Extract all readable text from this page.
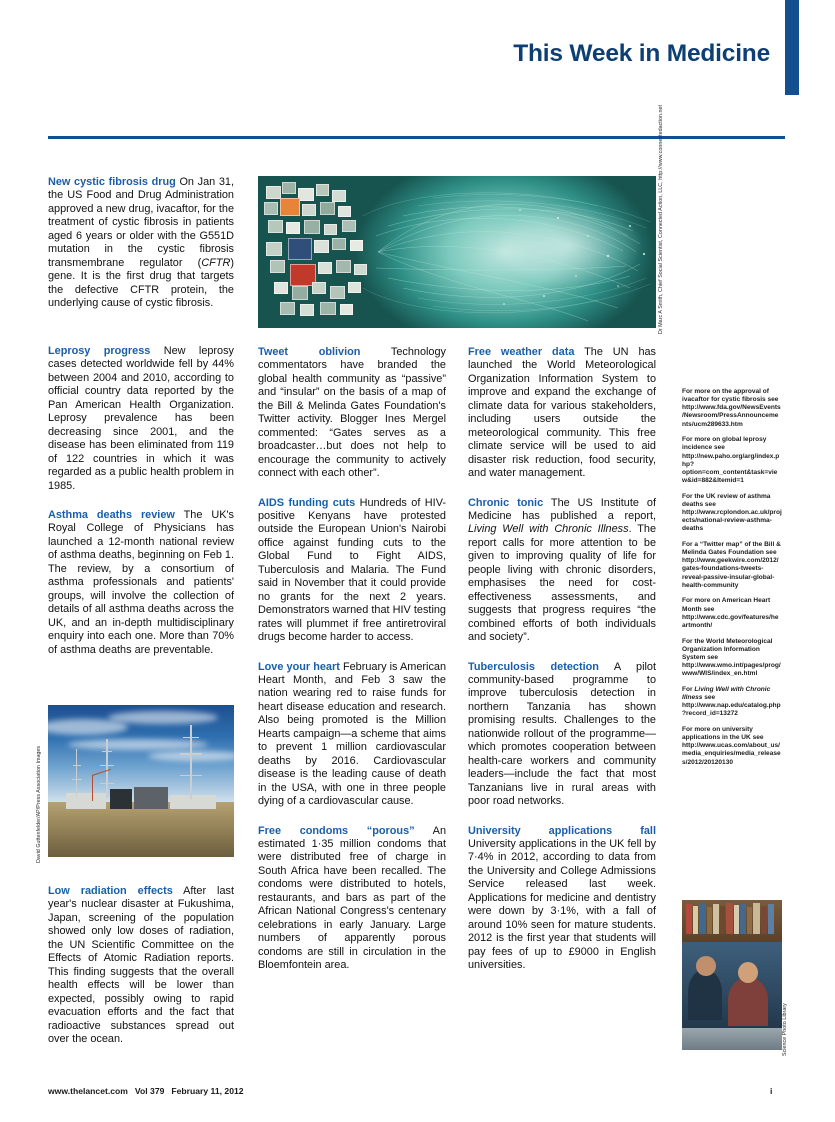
This Week in Medicine
Dr Marc A Smith, Chief Social Scientist, Connected Action, LLC, http://www.connectedaction.net

New cystic fibrosis drug On Jan 31, the US Food and Drug Administration approved a new drug, ivacaftor, for the treatment of cystic fibrosis in patients aged 6 years or older with the G551D mutation in the cystic fibrosis transmembrane regulator (CFTR) gene. It is the first drug that targets the defective CFTR protein, the underlying cause of cystic fibrosis.

Leprosy progress New leprosy cases detected worldwide fell by 44% between 2004 and 2010, according to official country data reported by the Pan American Health Organization. Leprosy prevalence has been decreasing since 2001, and the disease has been eliminated from 119 of 122 countries in which it was regarded as a public health problem in 1985.

Asthma deaths review The UK's Royal College of Physicians has launched a 12-month national review of asthma deaths, beginning on Feb 1. The review, by a consortium of asthma professionals and patients' groups, will involve the collection of details of all asthma deaths across the UK, and an in-depth multidisciplinary enquiry into each one. More than 70% of asthma deaths are preventable.

David Guttenfelder/AP/Press Association Images

Low radiation effects After last year's nuclear disaster at Fukushima, Japan, screening of the population showed only low doses of radiation, the UN Scientific Committee on the Effects of Atomic Radiation reports. This finding suggests that the overall health effects will be lower than expected, possibly owing to rapid evacuation efforts and the fact that radioactive substances spread out over the ocean.

Tweet oblivion Technology commentators have branded the global health community as “passive” and “insular” on the basis of a map of the Bill & Melinda Gates Foundation's Twitter activity. Blogger Ines Mergel commented: “Gates serves as a broadcaster…but does not help to encourage the community to actively connect with each other”.

AIDS funding cuts Hundreds of HIV-positive Kenyans have protested outside the European Union's Nairobi office against funding cuts to the Global Fund to Fight AIDS, Tuberculosis and Malaria. The Fund said in November that it could provide no grants for the next 2 years. Demonstrators warned that HIV testing rates will plummet if free antiretroviral drugs become harder to access.

Love your heart February is American Heart Month, and Feb 3 saw the nation wearing red to raise funds for heart disease education and research. Also being promoted is the Million Hearts campaign—a scheme that aims to prevent 1 million cardiovascular deaths by 2016. Cardiovascular disease is the leading cause of death in the USA, with one in three people dying of a cardiovascular cause.

Free condoms “porous” An estimated 1·35 million condoms that were distributed free of charge in South Africa have been recalled. The condoms were distributed to hotels, restaurants, and bars as part of the African National Congress's centenary celebrations in early January. Large numbers of apparently porous condoms are still in circulation in the Bloemfontein area.

Free weather data The UN has launched the World Meteorological Organization Information System to improve and expand the exchange of climate data for various stakeholders, including users outside the meteorological community. This free climate service will be used to aid disaster risk reduction, food security, and water management.

Chronic tonic The US Institute of Medicine has published a report, Living Well with Chronic Illness. The report calls for more attention to be given to improving quality of life for people living with chronic disorders, emphasises the need for cost-effectiveness assessments, and suggests that progress requires “the combined efforts of both individuals and society”.

Tuberculosis detection A pilot community-based programme to improve tuberculosis detection in northern Tanzania has shown promising results. Challenges to the nationwide rollout of the programme—which promotes cooperation between health-care workers and community leaders—include the fact that most Tanzanians live in rural areas with poor road networks.

University applications fall University applications in the UK fell by 7·4% in 2012, according to data from the University and College Admissions Service released last week. Applications for medicine and dentistry were down by 3·1%, with a fall of around 10% seen for mature students. 2012 is the first year that students will pay fees of up to £9000 in English universities.

For more on the approval of ivacaftor for cystic fibrosis see http://www.fda.gov/NewsEvents/Newsroom/PressAnnouncements/ucm289633.htm

For more on global leprosy incidence see http://new.paho.org/arg/index.php?option=com_content&task=view&id=882&Itemid=1

For the UK review of asthma deaths see http://www.rcplondon.ac.uk/projects/national-review-asthma-deaths

For a “Twitter map” of the Bill & Melinda Gates Foundation see http://www.geekwire.com/2012/gates-foundations-tweets-reveal-passive-insular-global-health-community

For more on American Heart Month see http://www.cdc.gov/features/heartmonth/

For the World Meteorological Organization Information System see http://www.wmo.int/pages/prog/www/WIS/index_en.html

For Living Well with Chronic Illness see http://www.nap.edu/catalog.php?record_id=13272

For more on university applications in the UK see http://www.ucas.com/about_us/media_enquiries/media_releases/2012/20120130

Science Photo Library
www.thelancet.com Vol 379 February 11, 2012	i
